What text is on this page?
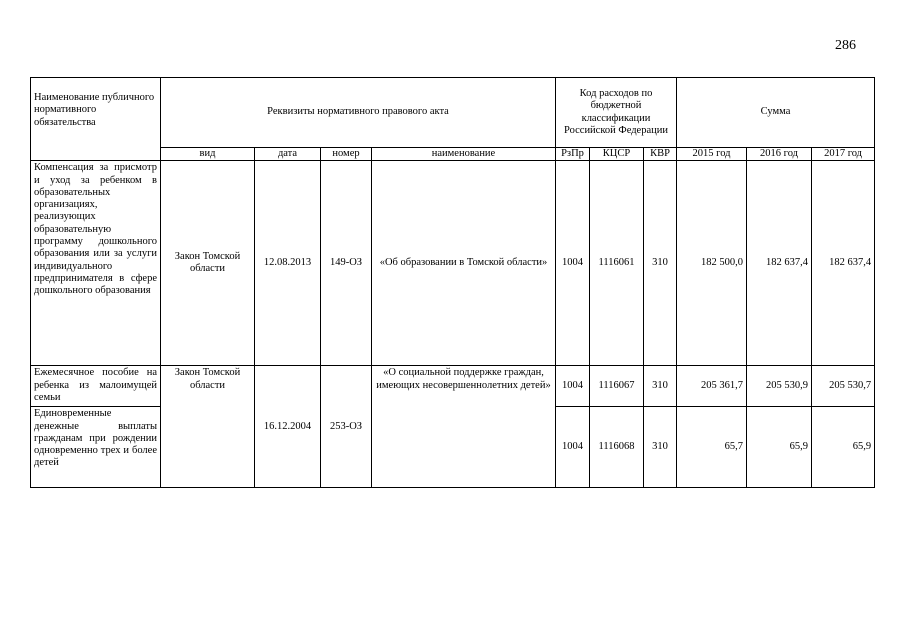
286
Наименование публичного нормативного обязательства	Реквизиты нормативного правового акта				Код расходов по бюджетной классификации Российской Федерации			Сумма		
	вид	дата	номер	наименование	РзПр	КЦСР	КВР	2015 год	2016 год	2017 год
Компенсация за присмотр и уход за ребенком в образовательных организациях, реализующих образовательную программу дошкольного образования или за услуги индивидуального предпринимателя в сфере дошкольного образования	Закон Томской области	12.08.2013	149-ОЗ	«Об образовании в Томской области»	1004	1116061	310	182 500,0	182 637,4	182 637,4
Ежемесячное пособие на ребенка из малоимущей семьи	Закон Томской области	16.12.2004	253-ОЗ	«О социальной поддержке граждан, имеющих несовершеннолетних детей»	1004	1116067	310	205 361,7	205 530,9	205 530,7
Единовременные денежные выплаты гражданам при рождении одновременно трех и более детей					1004	1116068	310	65,7	65,9	65,9
